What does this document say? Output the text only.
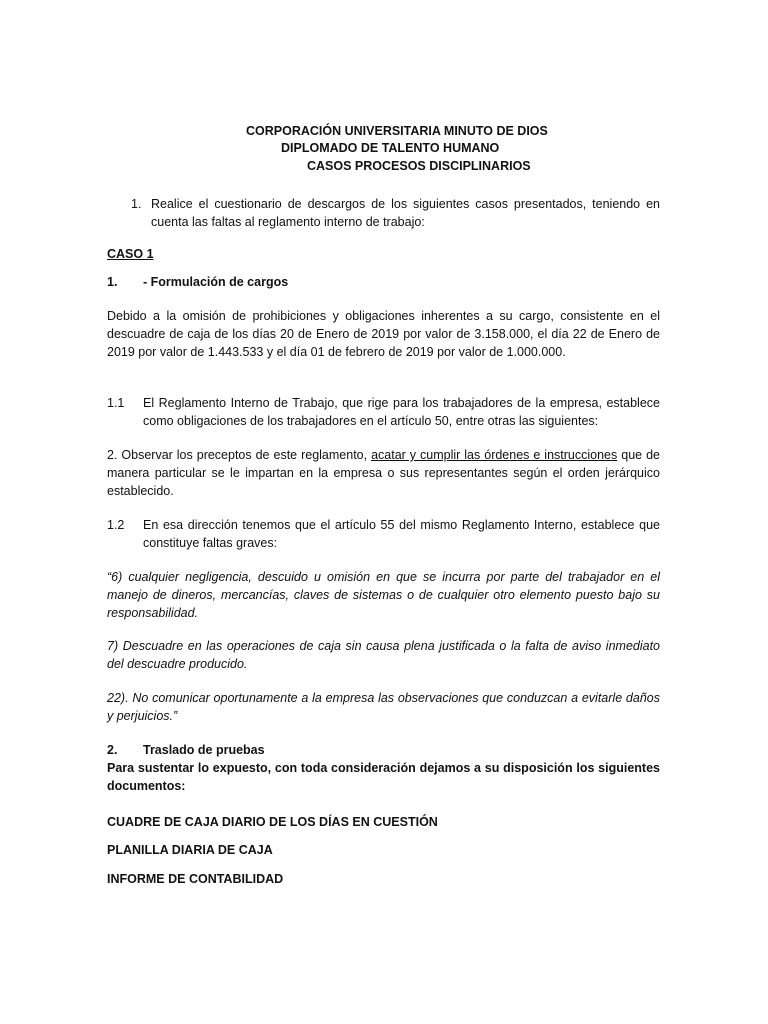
CORPORACIÓN UNIVERSITARIA MINUTO DE DIOS
DIPLOMADO DE TALENTO HUMANO
CASOS PROCESOS DISCIPLINARIOS
1. Realice el cuestionario de descargos de los siguientes casos presentados, teniendo en cuenta las faltas al reglamento interno de trabajo:
CASO 1
1.	- Formulación de cargos

Debido a la omisión de prohibiciones y obligaciones inherentes a su cargo, consistente en el descuadre de caja de los días 20 de Enero de 2019 por valor de 3.158.000, el día 22 de Enero de 2019 por valor de 1.443.533 y el día 01 de febrero de 2019 por valor de 1.000.000.

1.1	El Reglamento Interno de Trabajo, que rige para los trabajadores de la empresa, establece como obligaciones de los trabajadores en el artículo 50, entre otras las siguientes:

2. Observar los preceptos de este reglamento, acatar y cumplir las órdenes e instrucciones que de manera particular se le impartan en la empresa o sus representantes según el orden jerárquico establecido.

1.2	En esa dirección tenemos que el artículo 55 del mismo Reglamento Interno, establece que constituye faltas graves:

“6) cualquier negligencia, descuido u omisión en que se incurra por parte del trabajador en el manejo de dineros, mercancías, claves de sistemas o de cualquier otro elemento puesto bajo su responsabilidad.

7) Descuadre en las operaciones de caja sin causa plena justificada o la falta de aviso inmediato del descuadre producido.

22). No comunicar oportunamente a la empresa las observaciones que conduzcan a evitarle daños y perjuicios.”

2.	Traslado de pruebas

Para sustentar lo expuesto, con toda consideración dejamos a su disposición los siguientes documentos:

CUADRE DE CAJA DIARIO DE LOS DÍAS EN CUESTIÓN
PLANILLA DIARIA DE CAJA
INFORME DE CONTABILIDAD
